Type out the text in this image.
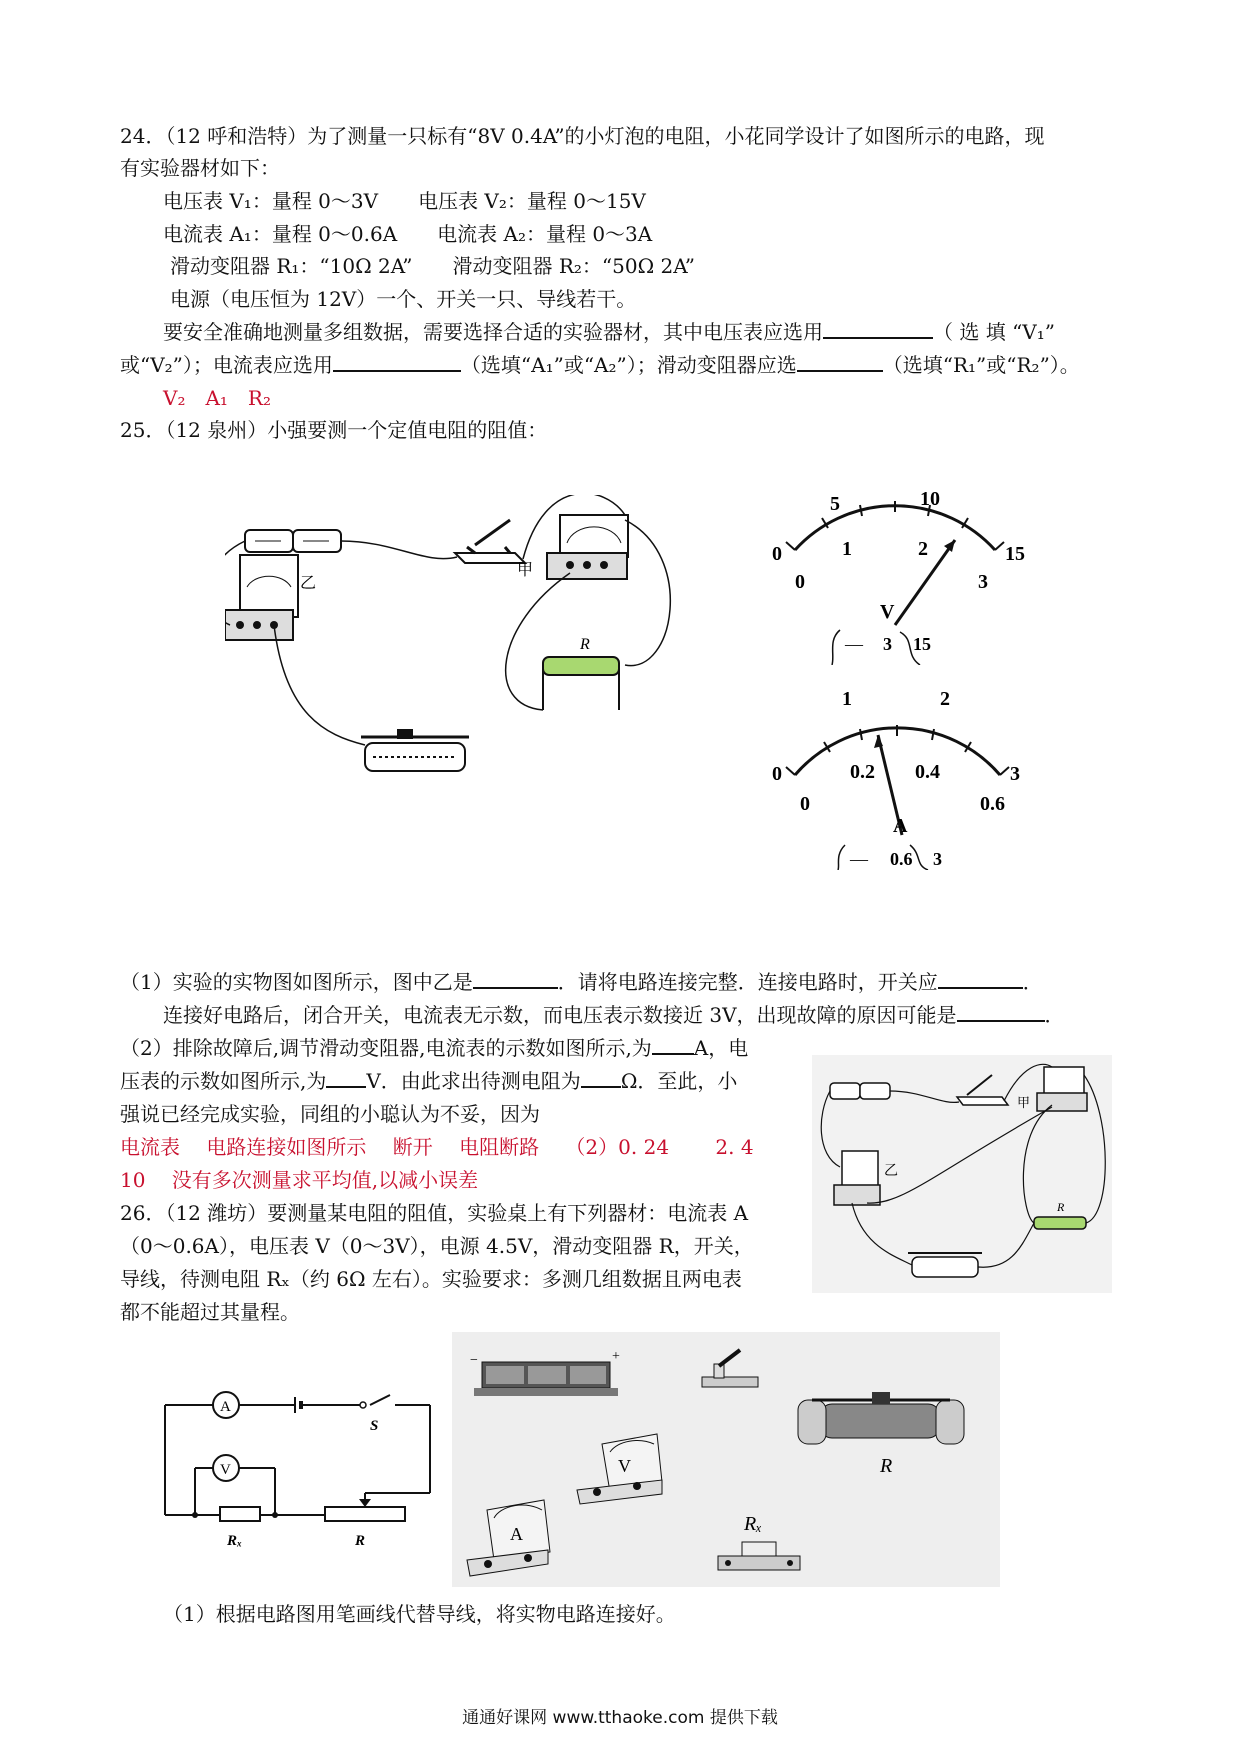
24．（12 呼和浩特）为了测量一只标有“8V 0.4A”的小灯泡的电阻，小花同学设计了如图所示的电路，现
有实验器材如下：
电压表 V₁：量程 0～3V　　电压表 V₂：量程 0～15V
电流表 A₁：量程 0～0.6A　　电流表 A₂：量程 0～3A
滑动变阻器 R₁：“10Ω 2A”　　滑动变阻器 R₂：“50Ω 2A”
电源（电压恒为 12V）一个、开关一只、导线若干。
要安全准确地测量多组数据，需要选择合适的实验器材，其中电压表应选用	（ 选 填 “V₁”
或“V₂”）；电流表应选用	（选填“A₁”或“A₂”）；滑动变阻器应选	（选填“R₁”或“R₂”）。
V₂　A₁　R₂
25．（12 泉州）小强要测一个定值电阻的阻值：
甲
乙
R
0
5	10
15
0
1	2
3
V
— 3 15
0
1	2
3
0
0.2 0.4
0.6
A
— 0.6 3
（1）实验的实物图如图所示，图中乙是	．请将电路连接完整．连接电路时，开关应	．
连接好电路后，闭合开关，电流表无示数，而电压表示数接近 3V，出现故障的原因可能是	．
（2）排除故障后,调节滑动变阻器,电流表的示数如图所示,为 A，电
压表的示数如图所示,为 V．由此求出待测电阻为 Ω．至此，小
强说已经完成实验，同组的小聪认为不妥，因为
电流表　 电路连接如图所示　 断开　 电阻断路　 （2）0. 24　　 2. 4
10　 没有多次测量求平均值,以减小误差
甲
乙
R
26．（12 潍坊）要测量某电阻的阻值，实验桌上有下列器材：电流表 A
（0～0.6A），电压表 V（0～3V），电源 4.5V，滑动变阻器 R，开关，
导线，待测电阻 Rₓ（约 6Ω 左右）。实验要求：多测几组数据且两电表
都不能超过其量程。
A
V
S
Rₓ	R
−	+
R
V
A	Rₓ
（1）根据电路图用笔画线代替导线，将实物电路连接好。
通通好课网 www.tthaoke.com 提供下载
